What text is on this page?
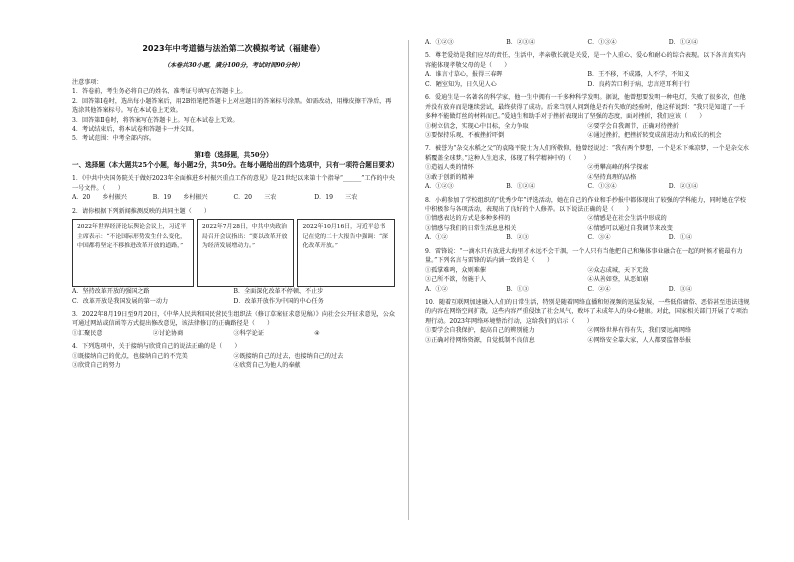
2023年中考道德与法治第二次模拟考试（福建卷）
（本卷共30小题，满分100分，考试时间90分钟）
注意事项：
1．答卷前，考生务必将自己的姓名、准考证号填写在答题卡上。
2．回答第Ⅰ卷时，选出每小题答案后，用2B铅笔把答题卡上对应题目的答案标号涂黑。如需改动，用橡皮擦干净后，再选涂其他答案标号。写在本试卷上无效。
3．回答第Ⅱ卷时，将答案写在答题卡上。写在本试卷上无效。
4．考试结束后，将本试卷和答题卡一并交回。
5．考试范围：中考全部内容。
第Ⅰ卷（选择题，共50分）
一、选择题（本大题共25个小题，每小题2分，共50分。在每小题给出的四个选项中，只有一项符合题目要求）
1．《中共中央国务院关于做好2023年全面推进乡村振兴重点工作的意见》是21世纪以来第十个指导“______”工作的中央一号文件。（　　）
A．20　　乡村振兴	B．19　　乡村振兴	C．20　　三农	D．19　　三农
2．请你根据下列新闻推测反映的共同主题（　　）
2022年世界经济论坛舆论会议上，习近平主席表示：“不论国际形势发生什么变化，中国都将坚定不移推进改革开放的道路，”
2022年7月28日，中共中央政治局召开会议指出：“要以改革开放为经济发展增动力。”
2022年10月16日，习近平总书记在党的二十大报告中强调：“深化改革开放。”
A．坚持改革开放的强国之路	B．全面深化改革不停顿、不止步
C．改革开放是我国发展的第一动力	D．改革开放作为中国的中心任务
3．2022年8月19日至9月20日，《中华人民共和国民营民生组织法（修订草案征求意见稿）》向社会公开征求意见，公众可通过网站或信函等方式提出修改意见，该法律修订的正确路径是（　　）
①汇聚民意	②讨论协商	③科学论证	④
4．下列选项中，关于接纳与欣赏自己的说法正确的是（　　）
①既接纳自己的优点，也接纳自己的不完美	②既接纳自己的过去，也接纳自己的过去
③欣赏自己的努力	④欣赏自己为他人的奉献
A．①②③	B．②③④	C．①③④	D．①②④
5．尊老爱幼是我们应尽的责任，生活中，孝亲敬长就是关爱，是一个人重心、爱心和耐心的综合表现。以下各言真实内容能体现孝敬父母的是（　　）
A．谁言寸草心，报得三春晖	B．王不移，不成器，人不学，不知义
C．陋室知为，日久见人心	D．良药苦口利于病，忠言逆耳利于行
6．爱迪生是一名著名的科学家，他一生中拥有一千多种科学发明。据说，他曾想要发明一种电灯，失败了很多次，但他并没有放弃而是继续尝试，最终获得了成功。后来当别人问到他是否有失败的经验时，他这样说到：“我只是知道了一千多种不能做灯丝的材料而已。”爱迪生和助手对于挫折表现出了坚强的态度，面对挫折，我们应该（　　）
①树立信念，实现心中目标，全力争取	②要学会自我调节，正确对待挫折
③要保持乐观、不被挫折吓倒	④通过挫折，把挫折转变成前进动力和成长的机会
7．被誉为“杂交水稻之父”的袁隆平院士为人们所敬仰，他曾经说过：“我有两个梦想，一个是禾下乘凉梦，一个是杂交水稻覆盖全球梦。”这种人生追求，体现了科学精神中的（　　）
①造福人类的情怀	②勇攀高峰的科学探索
③敢于创新的精神	④坚持真理的品格
A．①②③	B．①②④	C．①③④	D．②③④
8．小莉参加了学校组织的“优秀少年”评选活动，她在自己的作业和手抄报中都体现出了较强的学科能力，同时她在学校中积极参与各项活动，表现出了良好的个人修养。以下说法正确的是（　　）
①情感表达的方式是多种多样的	②情感是在社会生活中形成的
③情感与我们的日常生活息息相关	④情感可以通过自我调节来改变
A．①②	B．②③	C．③④	D．①④
9．雷锋说：“一滴水只有放进大海里才永远不会干涸，一个人只有当他把自己和集体事业融合在一起的时候才能最有力量。”下列名言与雷锋的话内涵一致的是（　　）
①孤掌难鸣，众则难催	②众志成城，天下无敌
③己所不欲，勿施于人	④从善如登，从恶如崩
A．①②	B．①③	C．②④	D．③④
10．随着互联网加速融入人们的日常生活，特别是随着网络直播和短视频的迅猛发展，一些低俗庸俗、恶俗甚至违法违规的内容在网络空间扩散，这些内容严重侵蚀了社会风气，败坏了未成年人的身心健康。对此，国家相关部门开展了专项治理行动。2023年网络环境整治行动，这给我们的启示（　　）
①要学会自我保护，提高自己的辨别能力	②网络世界有得有失，我们要远离网络
③正确对待网络资源，自觉抵制不良信息	④网络安全靠大家，人人都要监督举报
